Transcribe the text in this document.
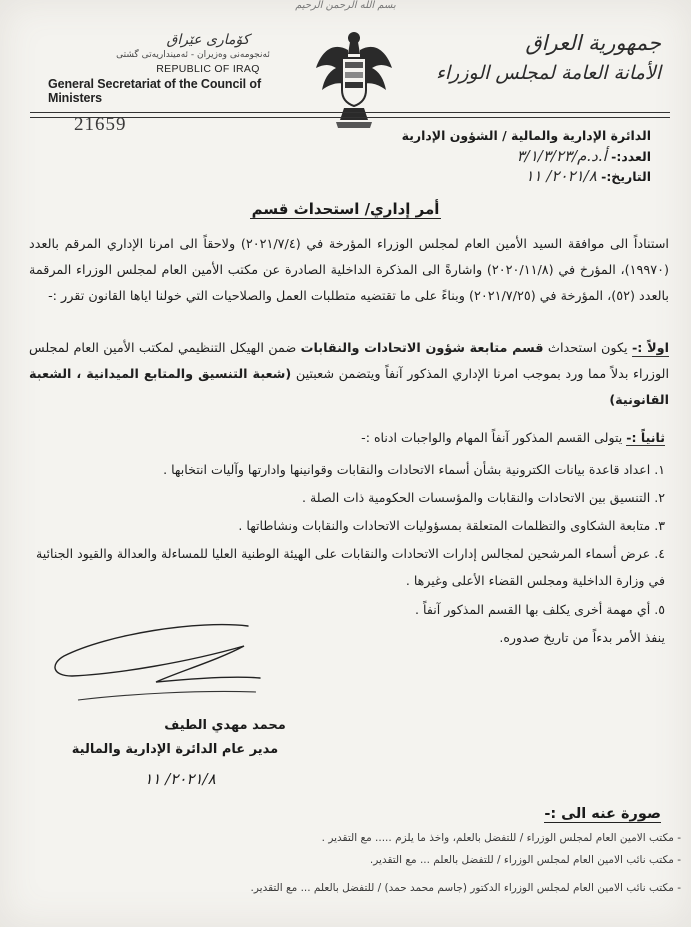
بسم الله الرحمن الرحيم
جمهورية العراق
الأمانة العامة لمجلس الوزراء
كۆمارى عێراق
ئه‌نجومه‌نی وه‌زیران - ئه‌مینداریه‌تی گشتی
REPUBLIC OF IRAQ
General Secretariat of the Council of Ministers
21659
الدائرة الإدارية والمالية / الشؤون الإدارية
العدد:- أ.د.م/٣/١/٣/٢٣
التاريخ:- ٢٠٢١/٨/ ١١
أمر إداري/ استحداث قسم
استناداً الى موافقة السيد الأمين العام لمجلس الوزراء المؤرخة في (٢٠٢١/٧/٤) ولاحقاً الى امرنا الإداري المرقم بالعدد (١٩٩٧٠)، المؤرخ في (٢٠٢٠/١١/٨) واشارةً الى المذكرة الداخلية الصادرة عن مكتب الأمين العام لمجلس الوزراء المرقمة بالعدد (٥٢)، المؤرخة في (٢٠٢١/٧/٢٥) وبناءً على ما تقتضيه متطلبات العمل والصلاحيات التي خولنا اياها القانون تقرر :-
اولاً :- يكون استحداث قسم متابعة شؤون الاتحادات والنقابات ضمن الهيكل التنظيمي لمكتب الأمين العام لمجلس الوزراء بدلاً مما ورد بموجب امرنا الإداري المذكور آنفاً ويتضمن شعبتين (شعبة التنسيق والمتابع الميدانية ، الشعبة القانونية)
ثانياً :- يتولى القسم المذكور آنفاً المهام والواجبات ادناه :-
١. اعداد قاعدة بيانات الكترونية بشأن أسماء الاتحادات والنقابات وقوانينها وادارتها وآليات انتخابها .
٢. التنسيق بين الاتحادات والنقابات والمؤسسات الحكومية ذات الصلة .
٣. متابعة الشكاوى والتظلمات المتعلقة بمسؤوليات الاتحادات والنقابات ونشاطاتها .
٤. عرض أسماء المرشحين لمجالس إدارات الاتحادات والنقابات على الهيئة الوطنية العليا للمساءلة والعدالة والقيود الجنائية في وزارة الداخلية ومجلس القضاء الأعلى وغيرها .
٥. أي مهمة أخرى يكلف بها القسم المذكور آنفاً .
ينفذ الأمر بدءاً من تاريخ صدوره.
محمد مهدي الطيف
مدير عام الدائرة الإدارية والمالية
٢٠٢١/٨/ ١١
صورة عنه الى :-
- مكتب الامين العام لمجلس الوزراء / للتفضل بالعلم، واخذ ما يلزم ..... مع التقدير .
- مكتب نائب الامين العام لمجلس الوزراء / للتفضل بالعلم ... مع التقدير.
- مكتب نائب الامين العام لمجلس الوزراء الدكتور (جاسم محمد حمد) / للتفضل بالعلم ... مع التقدير.
